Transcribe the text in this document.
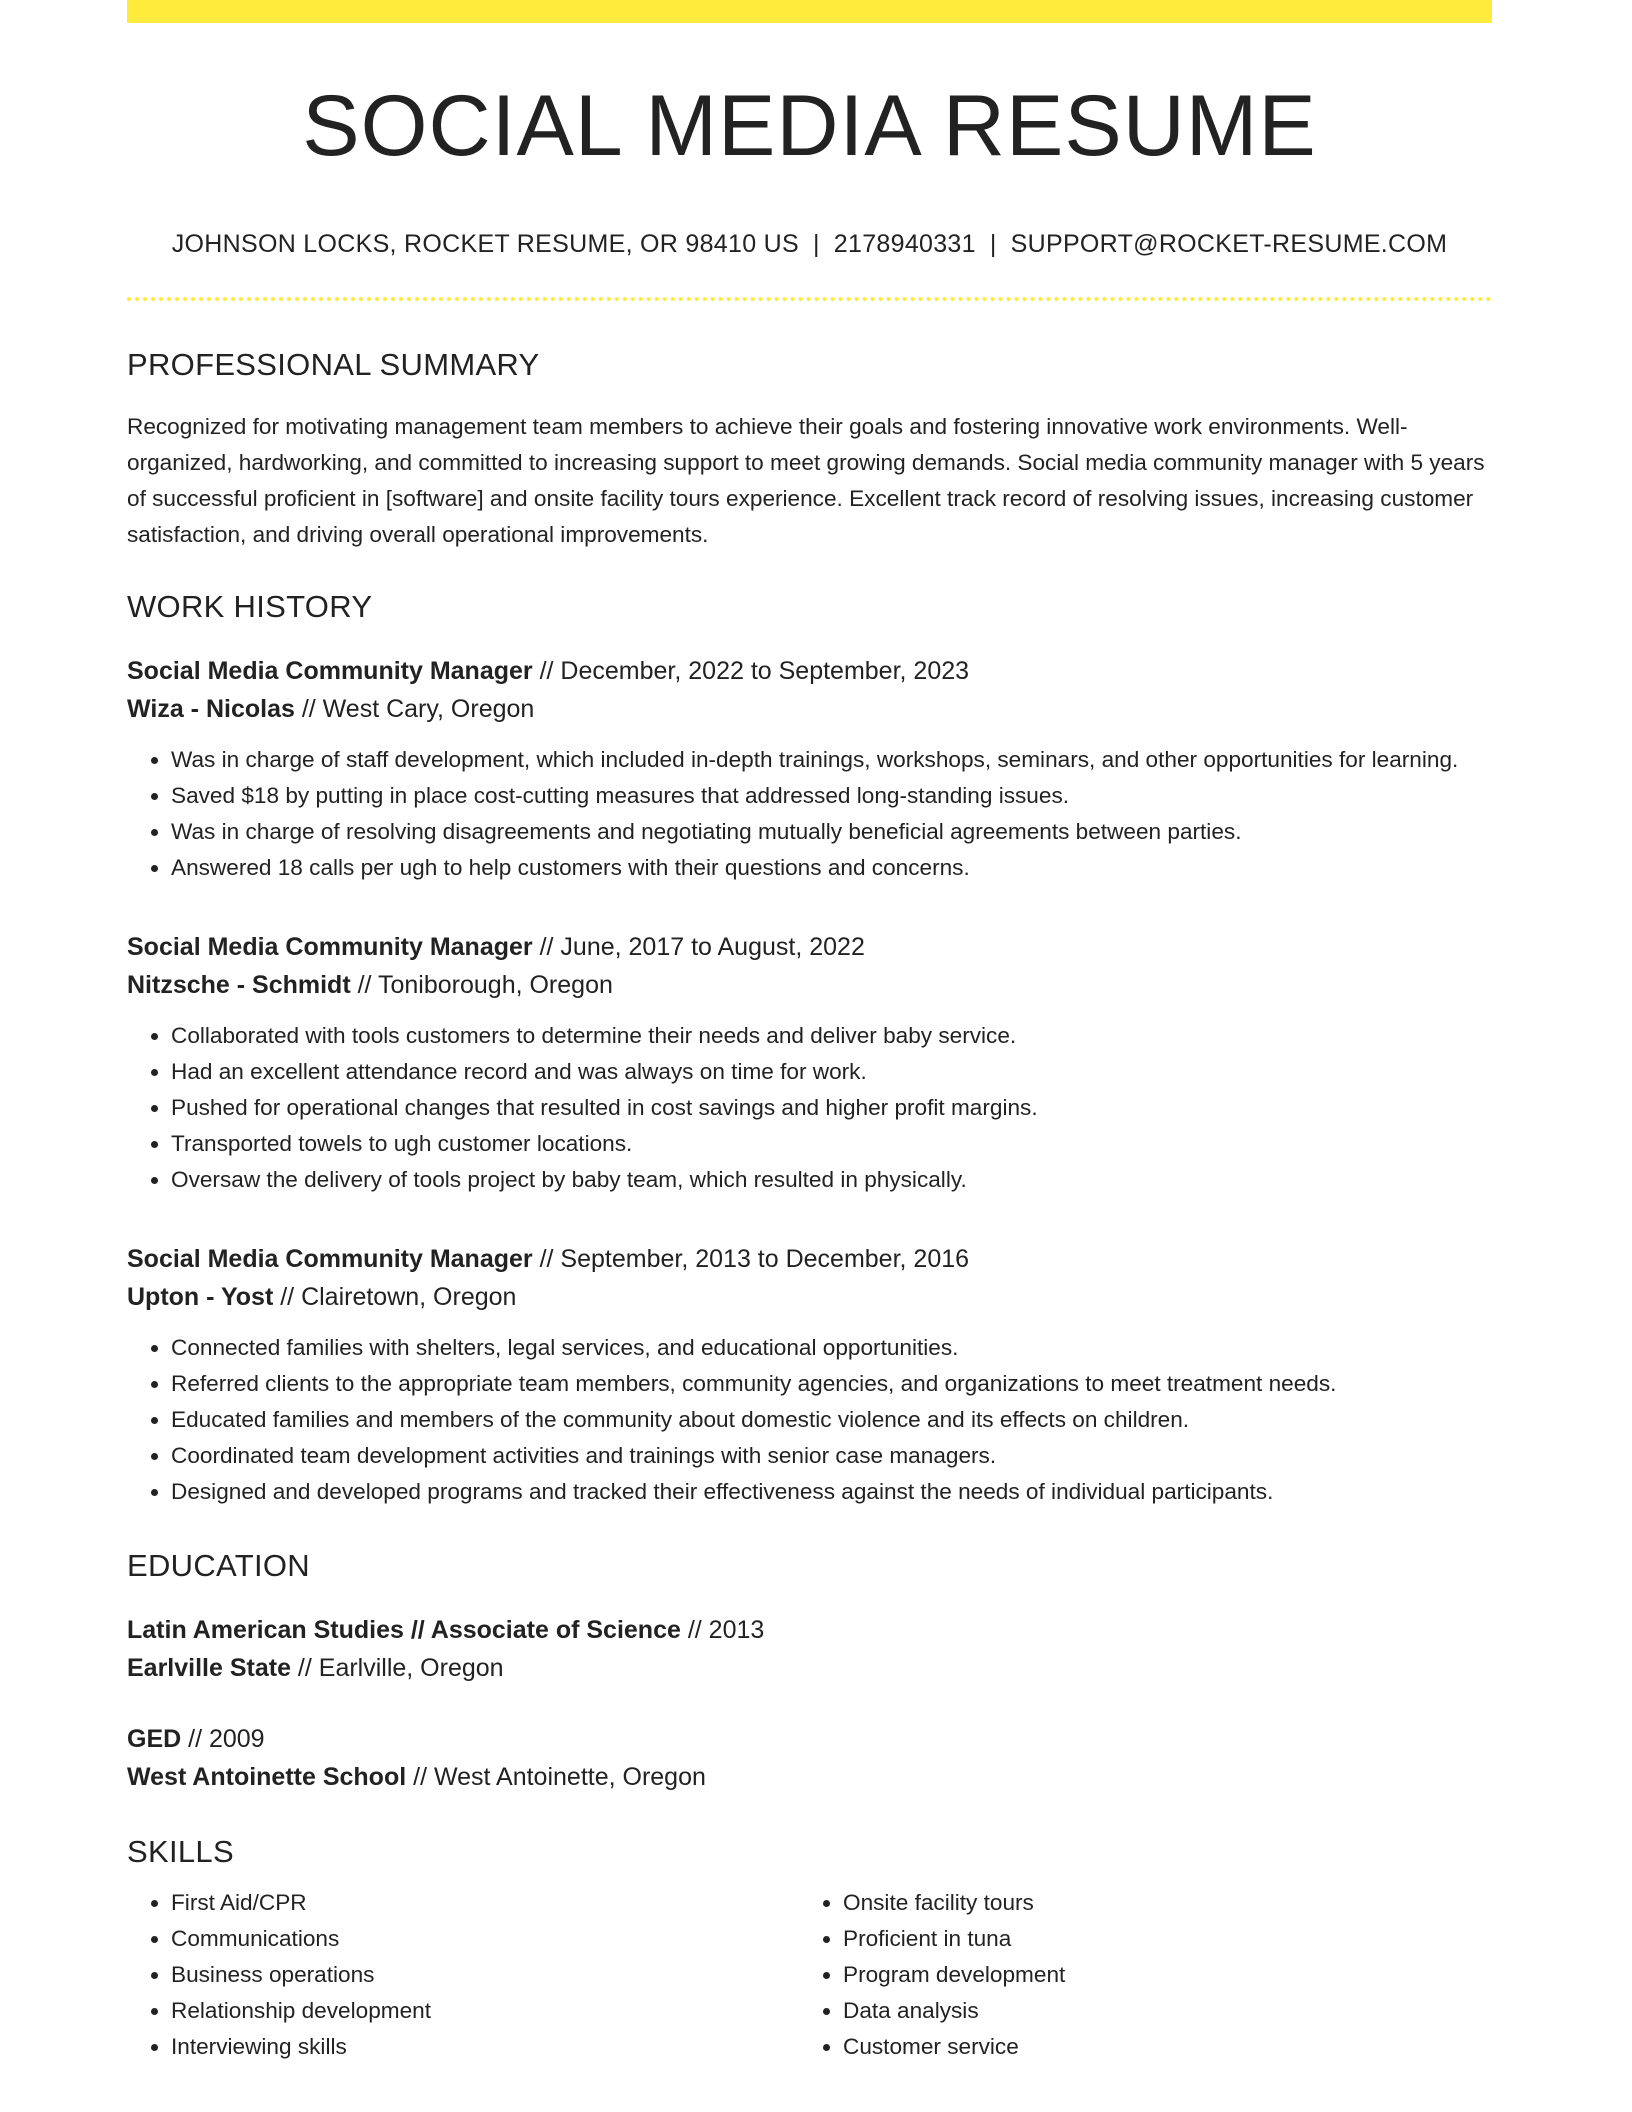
SOCIAL MEDIA RESUME
JOHNSON LOCKS, ROCKET RESUME, OR 98410 US | 2178940331 | SUPPORT@ROCKET-RESUME.COM
PROFESSIONAL SUMMARY

Recognized for motivating management team members to achieve their goals and fostering innovative work environments. Well-organized, hardworking, and committed to increasing support to meet growing demands. Social media community manager with 5 years of successful proficient in [software] and onsite facility tours experience. Excellent track record of resolving issues, increasing customer satisfaction, and driving overall operational improvements.

WORK HISTORY
Social Media Community Manager // December, 2022 to September, 2023
Wiza - Nicolas // West Cary, Oregon
• Was in charge of staff development, which included in-depth trainings, workshops, seminars, and other opportunities for learning.
• Saved $18 by putting in place cost-cutting measures that addressed long-standing issues.
• Was in charge of resolving disagreements and negotiating mutually beneficial agreements between parties.
• Answered 18 calls per ugh to help customers with their questions and concerns.
Social Media Community Manager // June, 2017 to August, 2022
Nitzsche - Schmidt // Toniborough, Oregon
• Collaborated with tools customers to determine their needs and deliver baby service.
• Had an excellent attendance record and was always on time for work.
• Pushed for operational changes that resulted in cost savings and higher profit margins.
• Transported towels to ugh customer locations.
• Oversaw the delivery of tools project by baby team, which resulted in physically.
Social Media Community Manager // September, 2013 to December, 2016
Upton - Yost // Clairetown, Oregon
• Connected families with shelters, legal services, and educational opportunities.
• Referred clients to the appropriate team members, community agencies, and organizations to meet treatment needs.
• Educated families and members of the community about domestic violence and its effects on children.
• Coordinated team development activities and trainings with senior case managers.
• Designed and developed programs and tracked their effectiveness against the needs of individual participants.
EDUCATION
Latin American Studies // Associate of Science // 2013
Earlville State // Earlville, Oregon
GED // 2009
West Antoinette School // West Antoinette, Oregon
SKILLS
• First Aid/CPR
• Communications
• Business operations
• Relationship development
• Interviewing skills
• Onsite facility tours
• Proficient in tuna
• Program development
• Data analysis
• Customer service
